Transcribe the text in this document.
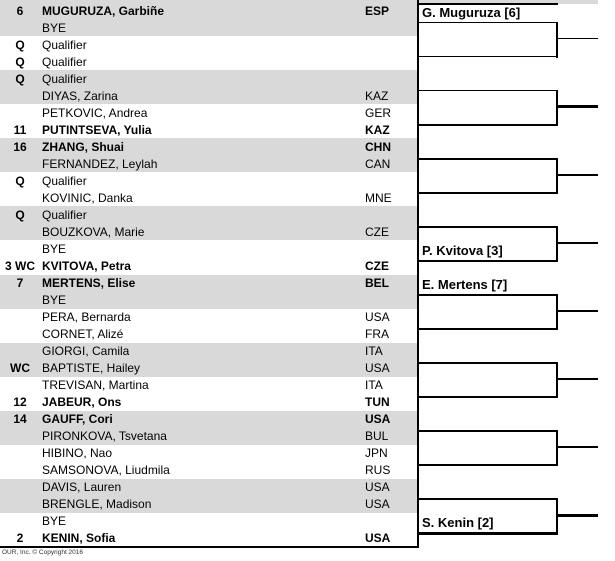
6	MUGURUZA, Garbiñe	ESP
BYE
Q	Qualifier
Q	Qualifier
Q	Qualifier
DIYAS, Zarina	KAZ
PETKOVIC, Andrea	GER
11	PUTINTSEVA, Yulia	KAZ
16	ZHANG, Shuai	CHN
FERNANDEZ, Leylah	CAN
Q	Qualifier
KOVINIC, Danka	MNE
Q	Qualifier
BOUZKOVA, Marie	CZE
BYE
3 WC KVITOVA, Petra	CZE
7	MERTENS, Elise	BEL
BYE
PERA, Bernarda	USA
CORNET, Alizé	FRA
GIORGI, Camila	ITA
WC	BAPTISTE, Hailey	USA
TREVISAN, Martina	ITA
12	JABEUR, Ons	TUN
14	GAUFF, Cori	USA
PIRONKOVA, Tsvetana	BUL
HIBINO, Nao	JPN
SAMSONOVA, Liudmila	RUS
DAVIS, Lauren	USA
BRENGLE, Madison	USA
BYE
2	KENIN, Sofia	USA
G. Muguruza [6]
P. Kvitova [3]
E. Mertens [7]
S. Kenin [2]
OUR, Inc. © Copyright 2016
